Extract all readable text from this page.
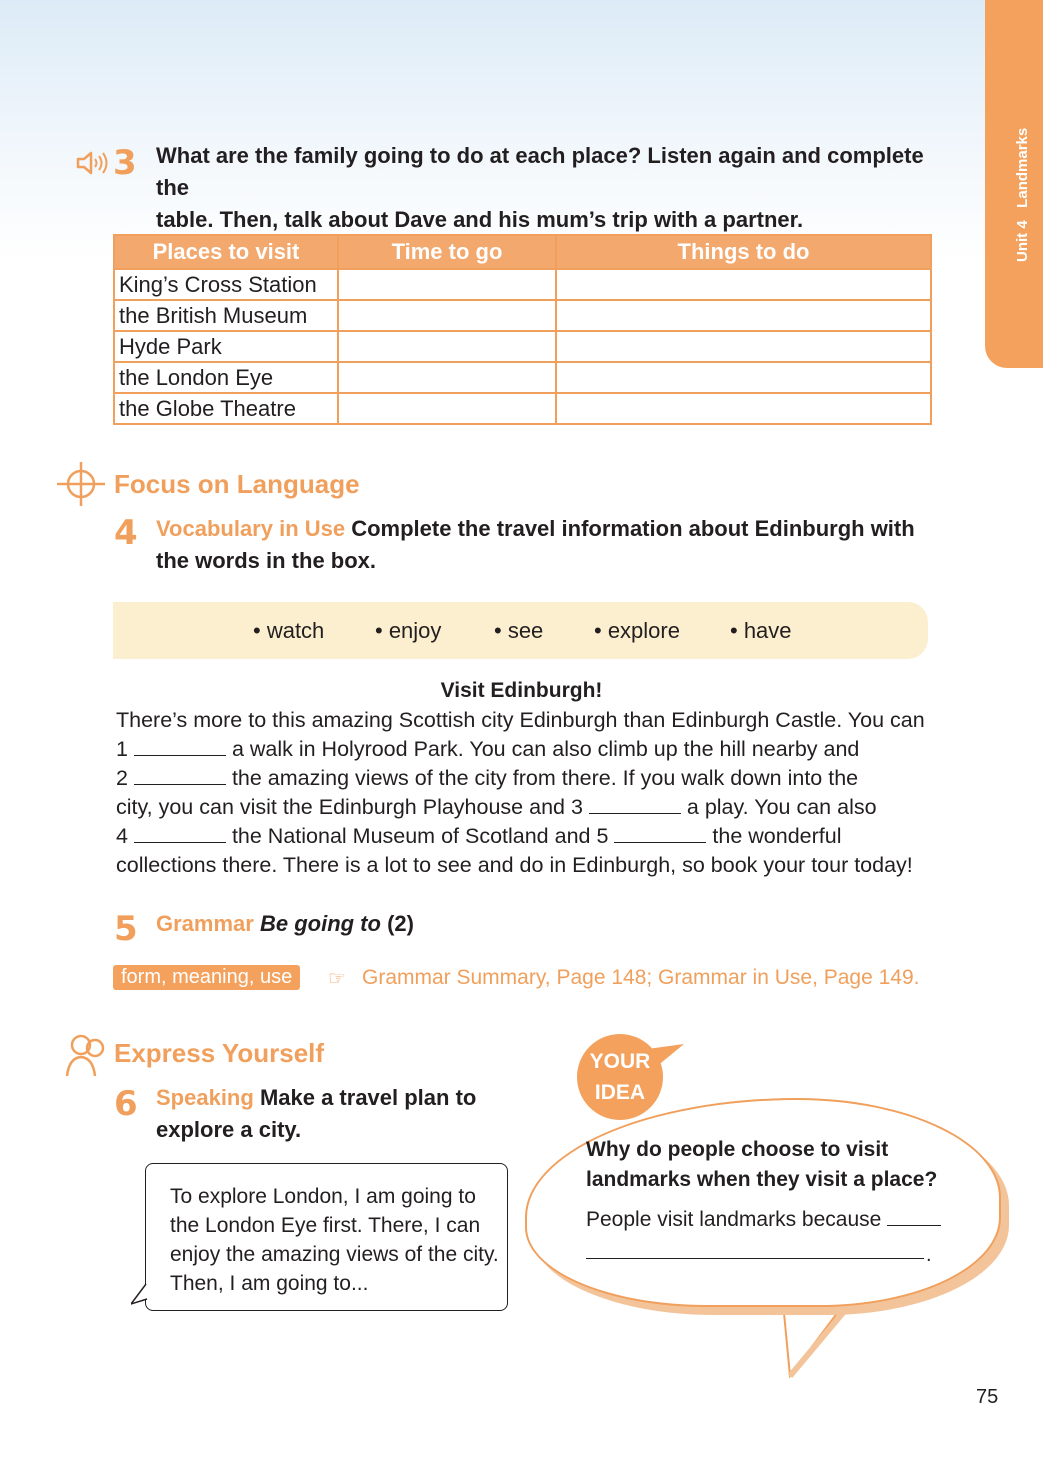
Unit 4   Landmarks
3 What are the family going to do at each place? Listen again and complete the
table. Then, talk about Dave and his mum’s trip with a partner.
Places to visit	Time to go	Things to do
King’s Cross Station		
the British Museum		
Hyde Park		
the London Eye		
the Globe Theatre		
Focus on Language
4 Vocabulary in Use Complete the travel information about Edinburgh with
the words in the box.
• watch • enjoy • see • explore • have
Visit Edinburgh!
There’s more to this amazing Scottish city Edinburgh than Edinburgh Castle. You can
1	a walk in Holyrood Park. You can also climb up the hill nearby and
2	the amazing views of the city from there. If you walk down into the
city, you can visit the Edinburgh Playhouse and 3	a play. You can also
4	the National Museum of Scotland and 5	the wonderful
collections there. There is a lot to see and do in Edinburgh, so book your tour today!
5 Grammar Be going to (2)
form, meaning, use	☞ Grammar Summary, Page 148; Grammar in Use, Page 149.
Express Yourself
6 Speaking Make a travel plan to
explore a city.
To explore London, I am going to
the London Eye first. There, I can
enjoy the amazing views of the city.
Then, I am going to...
YOUR
IDEA
Why do people choose to visit
landmarks when they visit a place?
People visit landmarks because
.
75
